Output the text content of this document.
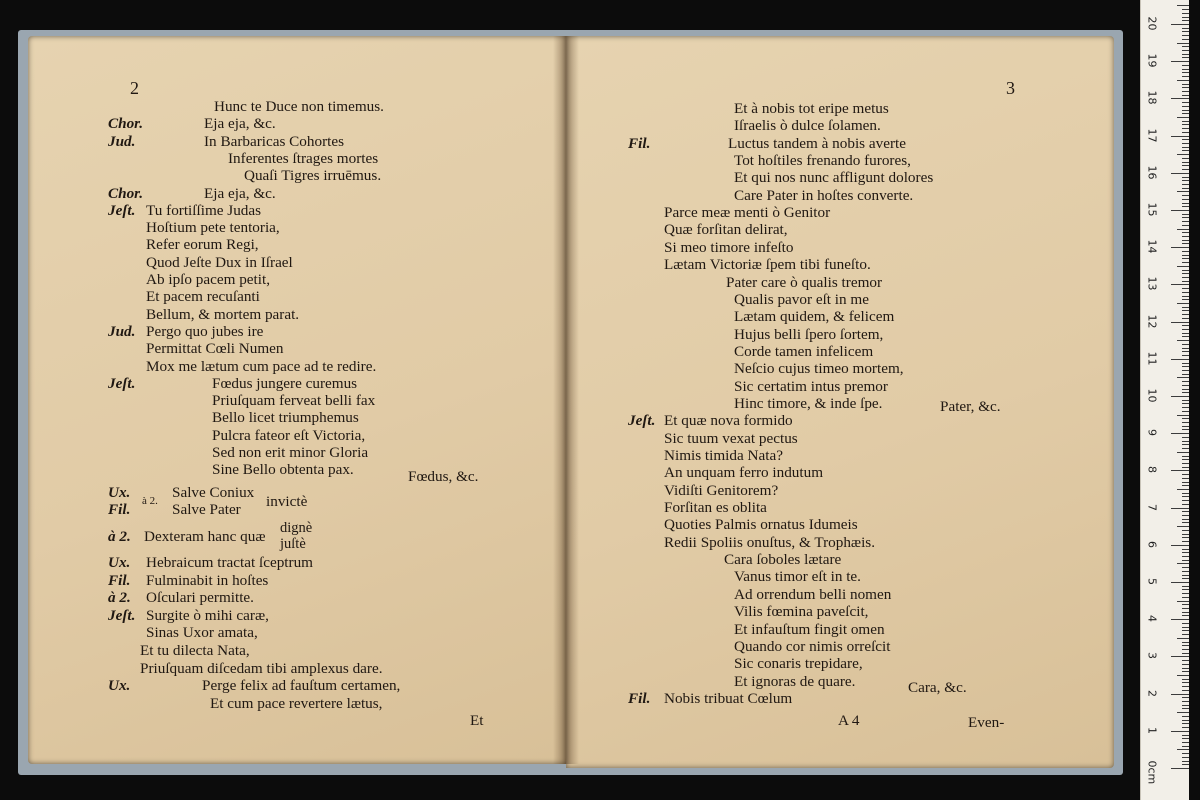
2
Hunc te Duce non timemus.
Chor.	Eja eja, &c.
Jud.	In Barbaricas Cohortes
Inferentes ſtrages mortes
Quaſi Tigres irruēmus.
Chor.	Eja eja, &c.
Jeſt. Tu fortiſſime Judas
Hoſtium pete tentoria,
Refer eorum Regi,
Quod Jeſte Dux in Iſrael
Ab ipſo pacem petit,
Et pacem recuſanti
Bellum, & mortem parat.
Jud. Pergo quo jubes ire
Permittat Cœli Numen
Mox me lætum cum pace ad te redire.
Jeſt.	Fœdus jungere curemus
Priuſquam ferveat belli fax
Bello licet triumphemus
Pulcra fateor eſt Victoria,
Sed non erit minor Gloria
Sine Bello obtenta pax.	Fœdus, &c.
Ux.
Fil. à 2. Salve Coniux
Salve Pater invictè
à 2. Dexteram hanc quæ dignè
juſtè
Ux. Hebraicum tractat ſceptrum
Fil. Fulminabit in hoſtes
à 2. Oſculari permitte.
Jeſt. Surgite ò mihi caræ,
Sinas Uxor amata,
Et tu dilecta Nata,
Priuſquam diſcedam tibi amplexus dare.
Ux.	Perge felix ad fauſtum certamen,
Et cum pace revertere lætus,
Et
3
Et à nobis tot eripe metus
Iſraelis ò dulce ſolamen.
Fil.	Luctus tandem à nobis averte
Tot hoſtiles frenando furores,
Et qui nos nunc affligunt dolores
Care Pater in hoſtes converte.
Parce meæ menti ò Genitor
Quæ forſitan delirat,
Si meo timore infeſto
Lætam Victoriæ ſpem tibi funeſto.
Pater care ò qualis tremor
Qualis pavor eſt in me
Lætam quidem, & felicem
Hujus belli ſpero ſortem,
Corde tamen infelicem
Neſcio cujus timeo mortem,
Sic certatim intus premor
Hinc timore, & inde ſpe.
Jeſt. Et quæ nova formido
Sic tuum vexat pectus
Nimis timida Nata?
An unquam ferro indutum
Vidiſti Genitorem?
Forſitan es oblita
Quoties Palmis ornatus Idumeis
Redii Spoliis onuſtus, & Trophæis.
Cara ſoboles lætare
Vanus timor eſt in te.
Ad orrendum belli nomen
Vilis fœmina paveſcit,
Et infauſtum fingit omen
Quando cor nimis orreſcit
Sic conaris trepidare,
Et ignoras de quare.
Fil. Nobis tribuat Cœlum
Pater, &c.
Cara, &c.
A 4	Even-
0cm
1
2
3
4
5
6
7
8
9
10
11
12
13
14
15
16
17
18
19
20
